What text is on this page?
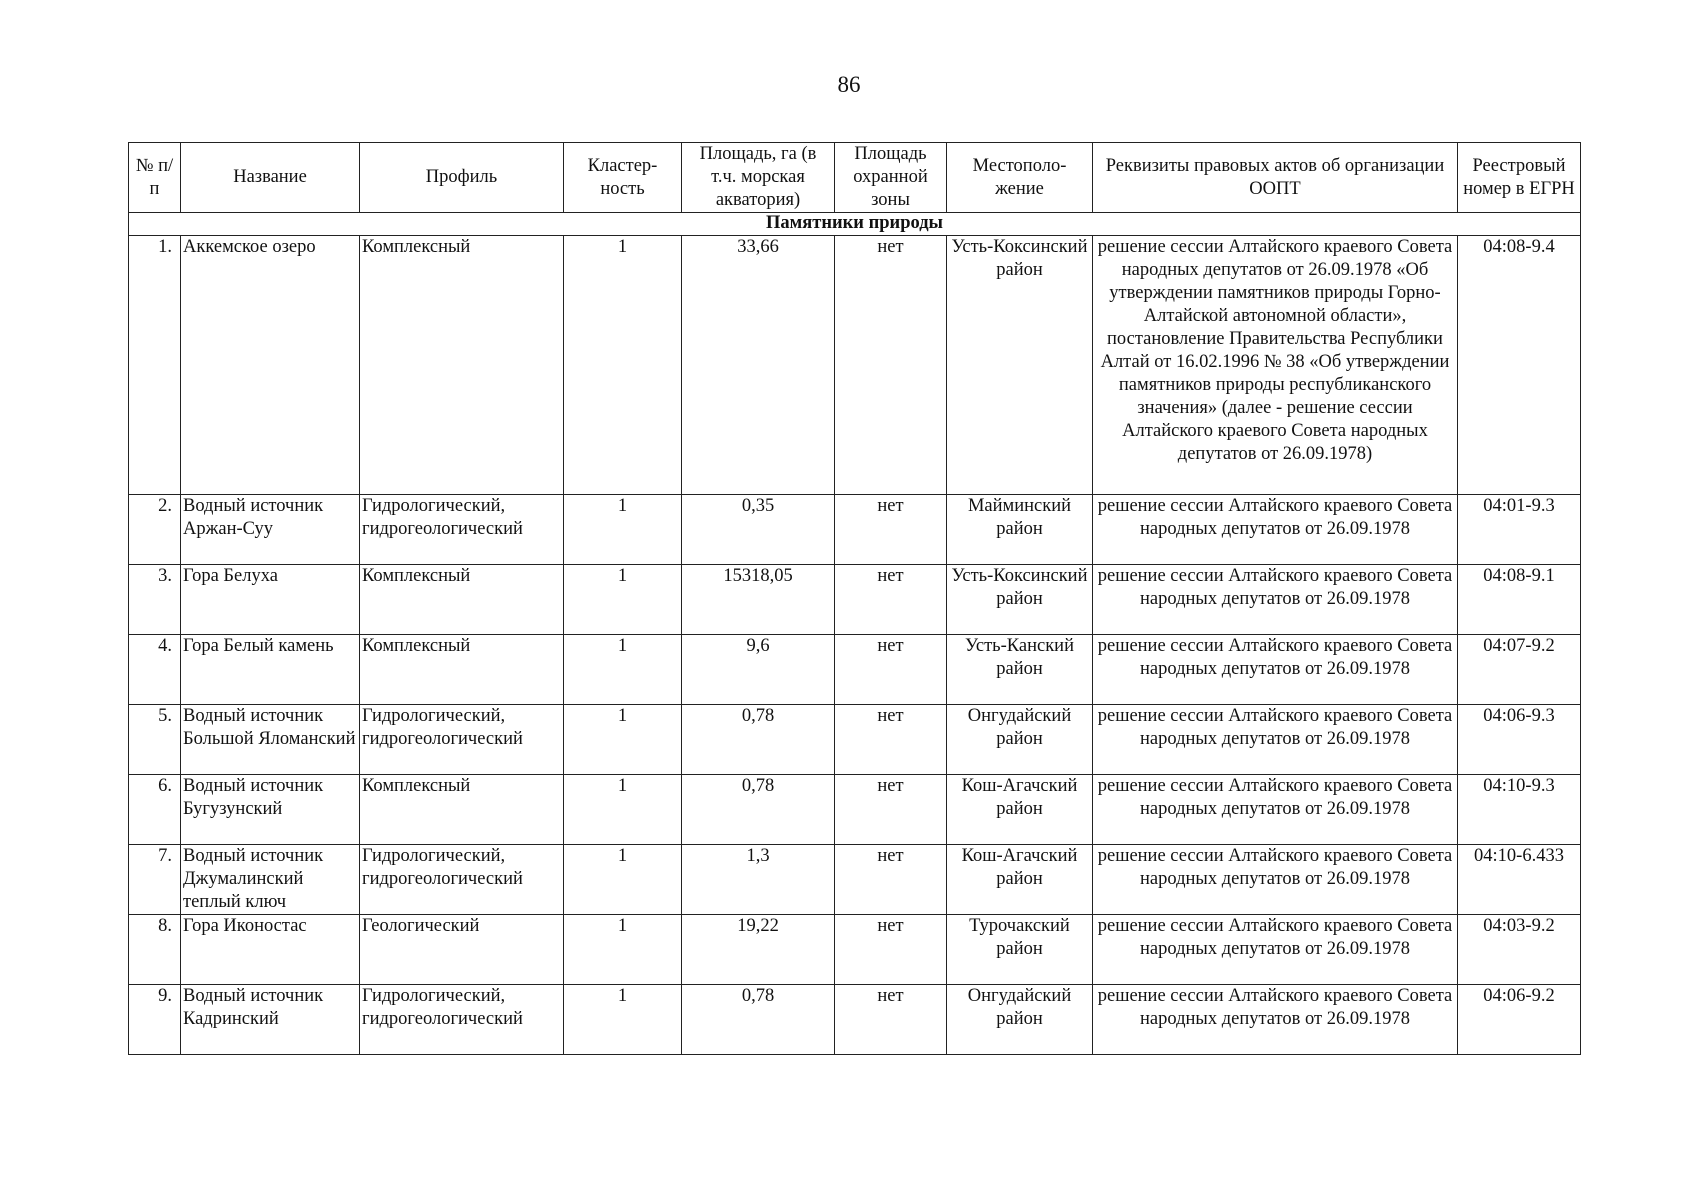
86
№ п/п	Название	Профиль	Кластер-ность	Площадь, га (в т.ч. морская акватория)	Площадь охранной зоны	Местополо-жение	Реквизиты правовых актов об организации ООПТ	Реестровый номер в ЕГРН
Памятники природы								
1.	Аккемское озеро	Комплексный	1	33,66	нет	Усть-Коксинский район	решение сессии Алтайского краевого Совета народных депутатов от 26.09.1978 «Об утверждении памятников природы Горно-Алтайской автономной области», постановление Правительства Республики Алтай от 16.02.1996 № 38 «Об утверждении памятников природы республиканского значения» (далее - решение сессии Алтайского краевого Совета народных депутатов от 26.09.1978)	04:08-9.4
2.	Водный источник Аржан-Суу	Гидрологический, гидрогеологический	1	0,35	нет	Майминский район	решение сессии Алтайского краевого Совета народных депутатов от 26.09.1978	04:01-9.3
3.	Гора Белуха	Комплексный	1	15318,05	нет	Усть-Коксинский район	решение сессии Алтайского краевого Совета народных депутатов от 26.09.1978	04:08-9.1
4.	Гора Белый камень	Комплексный	1	9,6	нет	Усть-Канский район	решение сессии Алтайского краевого Совета народных депутатов от 26.09.1978	04:07-9.2
5.	Водный источник Большой Яломанский	Гидрологический, гидрогеологический	1	0,78	нет	Онгудайский район	решение сессии Алтайского краевого Совета народных депутатов от 26.09.1978	04:06-9.3
6.	Водный источник Бугузунский	Комплексный	1	0,78	нет	Кош-Агачский район	решение сессии Алтайского краевого Совета народных депутатов от 26.09.1978	04:10-9.3
7.	Водный источник Джумалинский теплый ключ	Гидрологический, гидрогеологический	1	1,3	нет	Кош-Агачский район	решение сессии Алтайского краевого Совета народных депутатов от 26.09.1978	04:10-6.433
8.	Гора Иконостас	Геологический	1	19,22	нет	Турочакский район	решение сессии Алтайского краевого Совета народных депутатов от 26.09.1978	04:03-9.2
9.	Водный источник Кадринский	Гидрологический, гидрогеологический	1	0,78	нет	Онгудайский район	решение сессии Алтайского краевого Совета народных депутатов от 26.09.1978	04:06-9.2
